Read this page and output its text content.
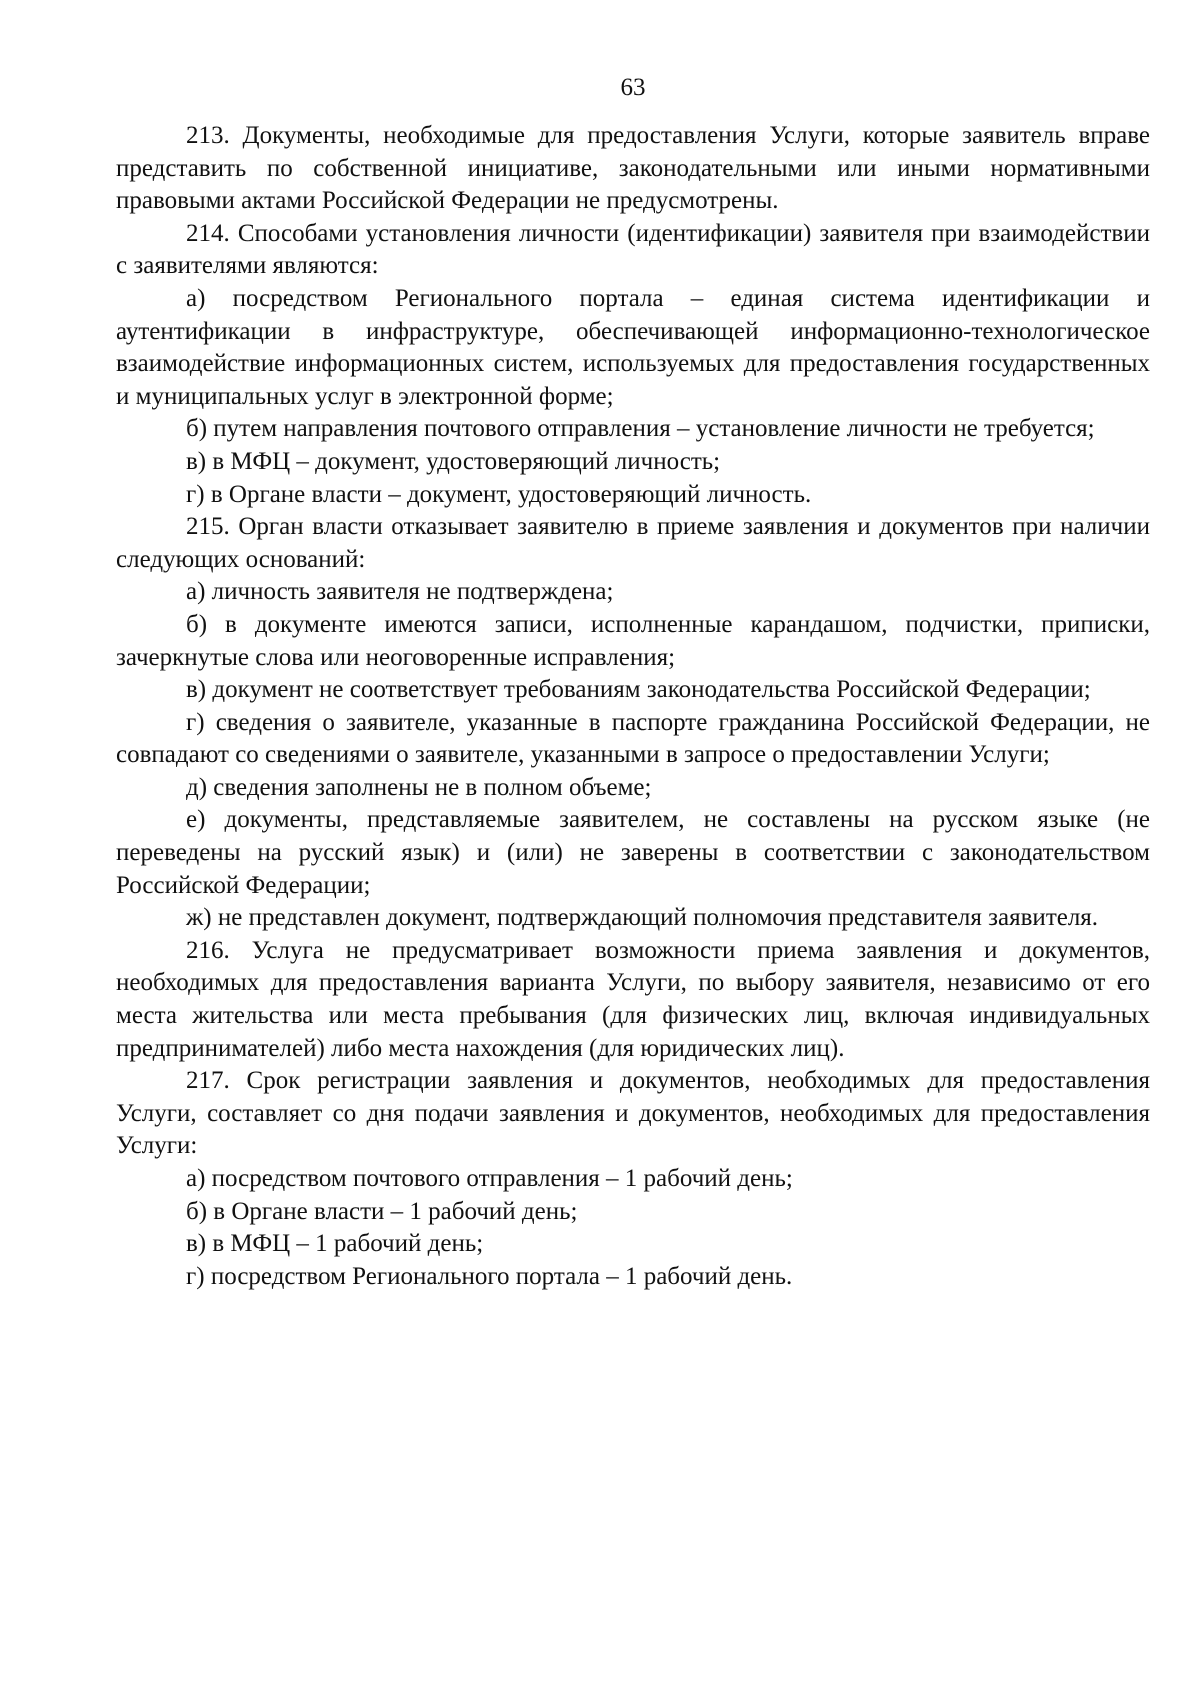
63

213. Документы, необходимые для предоставления Услуги, которые заявитель вправе представить по собственной инициативе, законодательными или иными нормативными правовыми актами Российской Федерации не предусмотрены.

214. Способами установления личности (идентификации) заявителя при взаимодействии с заявителями являются:

а) посредством Регионального портала – единая система идентификации и аутентификации в инфраструктуре, обеспечивающей информационно-технологическое взаимодействие информационных систем, используемых для предоставления государственных и муниципальных услуг в электронной форме;

б) путем направления почтового отправления – установление личности не требуется;

в) в МФЦ – документ, удостоверяющий личность;

г) в Органе власти – документ, удостоверяющий личность.

215. Орган власти отказывает заявителю в приеме заявления и документов при наличии следующих оснований:

а) личность заявителя не подтверждена;

б) в документе имеются записи, исполненные карандашом, подчистки, приписки, зачеркнутые слова или неоговоренные исправления;

в) документ не соответствует требованиям законодательства Российской Федерации;

г) сведения о заявителе, указанные в паспорте гражданина Российской Федерации, не совпадают со сведениями о заявителе, указанными в запросе о предоставлении Услуги;

д) сведения заполнены не в полном объеме;

е) документы, представляемые заявителем, не составлены на русском языке (не переведены на русский язык) и (или) не заверены в соответствии с законодательством Российской Федерации;

ж) не представлен документ, подтверждающий полномочия представителя заявителя.

216. Услуга не предусматривает возможности приема заявления и документов, необходимых для предоставления варианта Услуги, по выбору заявителя, независимо от его места жительства или места пребывания (для физических лиц, включая индивидуальных предпринимателей) либо места нахождения (для юридических лиц).

217. Срок регистрации заявления и документов, необходимых для предоставления Услуги, составляет со дня подачи заявления и документов, необходимых для предоставления Услуги:

а) посредством почтового отправления – 1 рабочий день;

б) в Органе власти – 1 рабочий день;

в) в МФЦ – 1 рабочий день;

г) посредством Регионального портала – 1 рабочий день.
